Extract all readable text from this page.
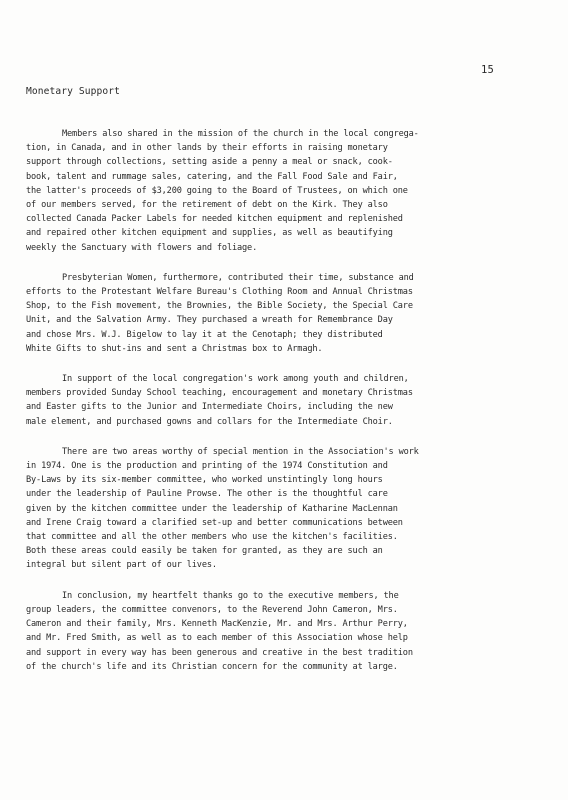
15
Monetary Support

Members also shared in the mission of the church in the local congrega-
tion, in Canada, and in other lands by their efforts in raising monetary
support through collections, setting aside a penny a meal or snack, cook-
book, talent and rummage sales, catering, and the Fall Food Sale and Fair,
the latter's proceeds of $3,200 going to the Board of Trustees, on which one
of our members served, for the retirement of debt on the Kirk. They also
collected Canada Packer Labels for needed kitchen equipment and replenished
and repaired other kitchen equipment and supplies, as well as beautifying
weekly the Sanctuary with flowers and foliage.

Presbyterian Women, furthermore, contributed their time, substance and
efforts to the Protestant Welfare Bureau's Clothing Room and Annual Christmas
Shop, to the Fish movement, the Brownies, the Bible Society, the Special Care
Unit, and the Salvation Army. They purchased a wreath for Remembrance Day
and chose Mrs. W.J. Bigelow to lay it at the Cenotaph; they distributed
White Gifts to shut-ins and sent a Christmas box to Armagh.

In support of the local congregation's work among youth and children,
members provided Sunday School teaching, encouragement and monetary Christmas
and Easter gifts to the Junior and Intermediate Choirs, including the new
male element, and purchased gowns and collars for the Intermediate Choir.

There are two areas worthy of special mention in the Association's work
in 1974. One is the production and printing of the 1974 Constitution and
By-Laws by its six-member committee, who worked unstintingly long hours
under the leadership of Pauline Prowse. The other is the thoughtful care
given by the kitchen committee under the leadership of Katharine MacLennan
and Irene Craig toward a clarified set-up and better communications between
that committee and all the other members who use the kitchen's facilities.
Both these areas could easily be taken for granted, as they are such an
integral but silent part of our lives.

In conclusion, my heartfelt thanks go to the executive members, the
group leaders, the committee convenors, to the Reverend John Cameron, Mrs.
Cameron and their family, Mrs. Kenneth MacKenzie, Mr. and Mrs. Arthur Perry,
and Mr. Fred Smith, as well as to each member of this Association whose help
and support in every way has been generous and creative in the best tradition
of the church's life and its Christian concern for the community at large.
